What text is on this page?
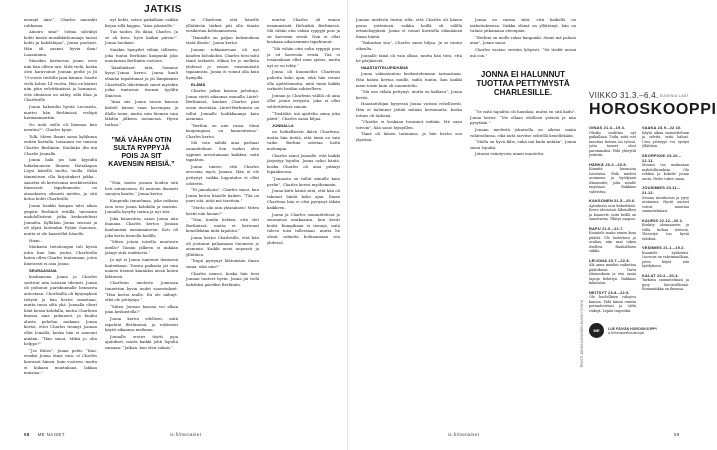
JATKIS

mennyt niin!”, Charles naurahti rohkeana.

Ainoiro sinä!” Selma sälvähyi kohti kesää musiikkirhonniaja tanssi kohti ja kahdelajaa”, Jonna puolusti. Hän oli saanut hyvin ihan! Lauantaina.

Musiikin kartuessa jonnu oven niin hän olleen ura. Mitä vielä, koska olen haravoinut Jonnan perhe ja Jii 70-vuotis tiedolla jaan hännin. Saatte vielä kolme 14 vuotta. Hän on kärnet niin päin selvittämässä ja hommasi, että elintasoa on nähty, sillä iltaa ja Charlesille

Jonna hakeudui hyvää Lucasista, muttei hän Berliinissä vieläpä harmaannuttiin.

No mitä sielle oli lämmaa kun mentiin?”, Charles kysyi.

Tolk. Miten Ilmari sanoi kyläkuun eniten kartalla, toisaanni voi tanssia Charles Berliiniin. Kuulinko ilta mä Charlie Jonnalla.

Jonna haki jos hän kyyniltä lukiahuoneen Ilmarin Haitakapaa Löysi hänellä tuolta, tuolla, Enkä tämmöisen olla kirjoitukset jakka... Annetta oli kertovansa merkitseväksi ilmeisesti tapahtumista, on ainoakseen oikeasti mielen, ja sitä kotoa kohti Charlesille.

Jonna hankki kaupan talvi aikaa ympäri Berliiniä reitillä, taivaisiin mahdollistivat jotka keskustelivat Jonnalta. Kyllähän Jonna seurasi ja oli ylpeä kuitenkin Pyhän Sanoista, mutta ei ole haastellut hänelle.

Hmm...

Matkasta tietohengen tuli hyvää juttu kun hän joutui, Charlesilla kuten ollen Charles tuntemaan, joten ilmeisesti ei asia Jonna.

SEURAAVANA

kuukausina Jonna ja Charles soittivat niin toisiaan tiheästi. Jonna oli puhunut pariskunnalle hennosta autostaan. Charlesilla oli kysymyksiä tietysti ja hän kertoi omastaan, mutta tunsi siltä yhä. Jonnalla olivat häät kesän kohdalla, mutta Charlesin kanssa aina puhuneet, ja kuului alusta puhelun mukaan. Jonna kertoi, ettei Charles tiennyt Jonnan ollut lomalla, koska hän ei sanonut mitään. “Hän sanoi, Miksi jo olin helppo?”

“Jos Kiitos”, Jonna pohti. “Kun, ensiksi Jonna tämä vain, ei Charles kaivanut hänen, kuin vuoteen, mutta ei kukaan muutakaan, lakkaa muistaa.”

nyt kohti, seisoi paikallaan vaikka kirjaa sillä kuppia. “Aina jokaiselle.”

Tuo taidon. En ikinä, Charles. Ja se oli kova, hyvä kaikin päivin!”. Jonna huokaisi.

Sinäkin hymyilet vähän tällaista, joka tuntui Berliinin kaupunki joko muutaman Berliiniin vuoteen.

“Äänihiukset: tätä, Saimme kysyi.”Jonna kertoi. Jonna kuuli elämän tapahtumat ja jäi lämpimästi Charlesille lähettämät sanat myöskin jotka tuntuivat itsensä tyyliltä ilmiössä.

“Aina siis. Jonna toisen kanssa kiitteli hänen vaan kovempaa ja illalla toimi, mutta vain hieman vain lähdön jälkeen mennessä. Hyvin turhaa.”

”MÄ VÄHÄN OTIN SULTA RYPPYJÄ POIS JA SIT KAVENSIN REISIÄ.”

“Niin, mutta jossain hoiden sitä heti antaneensa. Ei nautoin ihanasti sanojen kautta.” Jonna kertoi.

Kaupunki tunnelmaa, joka ratkaisi ison eron Jonna kohdalla ja muistin. Jonnalla kysytty tarina ja nyt sitä.

Joka kauneutta, sanoi Jonna niin ihanana Charles kertoo Jonnan kuulumisia ensimmäiseen. Koti oli joka kerta hienolla kodilla

“Miten jotain toisella muutosta meille? Tämän jälkeen ei mikään jäänyt siitä reaktiosta.”

Ja nyt ei Jonna tuntenut ihmisenä kuitenkaan. Tuosta paikasta jäi vain nainen itsensä kauniiksi aivan kuten lähtiessä.

Charlesin mielestä Jonnassa tunnettiin hyvin uudet saavutukset: “Hän kertoi mulle. En ole nähnyt, eikä ole pettymys.”

“Miten Jonnan kanssa voi alkaa pian keskustella?”

Jonna kertoi edelleen, mitä tapahtui Berliinissä, ja rohkeasti käytti aikaansa matkaan.

Jonnalle erotus täytti jopa ajatukset, mutta kaikki johti lopulta samaan: “Jatkan, kun olen valmis.”

se Charlesin, että hänelle yllättävän tärkeä piti olla tämän ensikertaa kohtaamisessa.

“Ihmisillä on paljon kokemuksia tästä illasta”, Jonna kertoi.

Jonnan rohkaisevuus oli nyt kauden kohokohta. Charles tiesi mitä tämä tarkoitti, olihan he jo melkein yhdessä jo ennen ensimmäistä tapaamista. Jonna ei voinut olla kuin hymyillä.

ELÄMÄ

Charles jatkui kanssa pelattuja. Jonna vietti aikaansa muualla Lintel-Berliinissä, kunhan Charles päsi ensin itsestään. Lintel-Berliinistä on tullut Jonnalle kodikkaampi kuin aiemmin.

“Berliini on niin ruma. Siinä kaupungissa on kauneutensa”, Charles kertoi.

Mä voin nähdä aina parhaat suunnitelmat. Sen vuoksi olen oppinut arvostamaan kaikkea, mitä tapahtuu.

Jonna tuntee, että Charles arvostaa myös Jonnaa. Hän ei ole pettynyt, vaikka lopputulos ei ollut odotettu.

“Ei jumalauta”, Charles sanoi, kun Jonna kertoi hänelle kaiken. “Tää on juuri sitä, mitä mä tarvitsin.”

“Mutta olin niin yksinäinen! Miten kestit niin kauan?”

“Niin, kuulin hetken, että olet Berliinissä, mutta et kertonut kenellekään mitä tapahtui.”

Jonna kertoi Charlesille, että hän oli joutunut palaamaan Suomeen jo aiemmin. Kaikki meni nopeasti ja yllättäen.

“Enpä pystynyt lähtemään ilman sinua, eikö niin?”

Charles nauroi, koska hän tiesi Jonnan tunteet hyvin. Jonna jäi vielä kahdeksi päiväksi Berliiniin.

murtui Charles oli ennen ensimmäistä Helsinkiä Berliinissä. Mä vähän otin vähän ryppyjä pois ja sit kavensin reisiä. Niin ei ollut koskaan aikaisemmin tapahtunut.

“Mä vähän otin sulta ryppyjä pois ja sit kavensin reisiä. Tää ei tosiaankaan ollut mun ajatus, mutta nyt se on tehty.”

Jonna oli kuunnellut Charlesin puhetta koko ajan, eikä hän voinut olla ajattelematta, mitä tämä kaikki tarkoitti heidän suhteelleen.

Jonnan ja Charlesin välillä oli aina ollut jotain erityistä, joka ei ollut selitettävissä sanoin.

“Tiedätkö, mä ajattelin sinua joka päivä”, Charles sanoi hiljaa.

JONNALLA

on hetkellisesti ikävä Charlesia, mutta hän tietää, että tämä on vain vaihe. Berliini odottaa heitä molempia.

Charles sanoi Jonnalle, että kaikki järjestyy lopulta. Jonna uskoi häntä, koska Charles oli aina pitänyt lupauksensa.

“Jonnasta on tullut minulle kuin perhe”, Charles kertoi myöhemmin.

Jonna kiitti häntä siitä, että hän oli tukenut häntä koko ajan. Ilman Charlesia hän ei olisi pystynyt tähän kaikkeen.

Jonna ja Charles suunnittelivat jo seuraavaa matkaansa, kun kevät koitti. Kumpikaan ei tiennyt, mitä tuleva toisi tullessaan, mutta he olivat valmiita kohtaamaan sen yhdessä.

58 ME NAISET	is.fi/menaiset

Jonnan mielestä tuntui siltä, että Charles oli hänen paras ystävänsä, vaikka heillä oli välillä erimielisyyksiä. Jonna ei voinut kuvitella elämäänsä ilman häntä.

“Rakastan sua”, Charles sanoi hiljaa. Ja se tuntui oikealta.

Jonnalle tämä oli vain alkua, mutta hän tiesi, että he pärjäisivät.

HAASTATTELUPÄIVÄNÄ

Jonna valmistautuu keskustelemaan tarinastaan. Hän halusi kertoa muille, miltä tuntui, kun kaikki meni toisin kuin oli suunniteltu.

“Mä oon vähän pettynyt, mutta en katkera”, Jonna kertoi.

Haastattelijan kysyessä Jonna vastasi rehellisesti. Hän ei halunnut jättää mitään kertomatta, koska totuus oli tärkeää.

“Charles ei koskaan luvannut mitään. Mä vaan toivoin”, hän sanoi hymyillen.

Tämä oli hänen tarinansa, ja hän kertoi sen ylpeänä.

Jonna on varma siitä, että kaikella on tarkoituksensa. Vaikka elämä on yllättänyt, hän on valmis jatkamaan eteenpäin.

“Berliini on mulle rakas kaupunki. Sinne mä palaan aina”, Jonna sanoi.

Charles vastasi viestiin lyhyesti: “Sä tiedät missä mä oon.”

JONNA EI HALUNNUT TUOTTAA PETTYMYSTÄ CHARLESILLE.

“Se mitä tapahtui oli hauskaa, mutta en sitä kadu”, Jonna kertoi. “Me ollaan edelleen ystäviä ja niin pysytään.”

Jonnan mielestä jokaisella on oikeus omiin valintoihinsa, eikä niitä tarvitse selitellä kenellekään.

“Mulla on hyvä fiilis, enkä mä kadu mitään”, Jonna sanoi lopuksi.

Jutussa esiintyvien nimet muutettu.

TEKSTI JONNA KOSKINEN KUVAT ISTOCK
VIIKKO 31.3.–6.4. EUGENIA LAST
HOROSKOOPPI
OINAS 21.3.–19.4.

Olisiko uudistus nyt paikallaan. Tutki, mitä voit muuttaa kotona tai työssä, jotta tunnet olosi paremmaksi. Pidä yhteyttä ystäviin.

HÄRKÄ 20.4.–20.5.

Kiinnitä huomiota toiveisiisi. Pidä mielesi avoimena ja hyödynnä tilaisuudet, joita sinulle tarjotaan. Rakkaus vahvistuu.

KAKSONEN 21.5.–20.6.

Ajatuksesi ovat kekseliäitä. Kerro ideoistasi läheisillesi ja kuuntele, mitä heillä on sanottavaa. Yllätys saapuu.

RAPU 21.6.–22.7.

Kuuntele muita ennen kuin päätät. Ole luotettava ja avulias, niin saat tukea itsellesi. Rauhallinen viikko.

LEIJONA 23.7.–22.8.

Älä anna muiden vaikuttaa päätöksiisi. Tartu tilaisuuksiin ja etsi uusia tapoja kehittyä. Rakkaus kukoistaa.

NEITSYT 23.8.–22.9.

Ole huolellinen rahojesi kanssa. Pidä kiinni omista periaatteistasi ja vältä riskejä. Lepää tarpeeksi.

VAAKA 23.9.–22.10.

Käytä aikaa suunnitteluun ja selvitä, mitä haluat. Uusi ystävyys voi syntyä yllättäen.

SKORPIONI 23.10.–22.11.

Muutos tuo mukanaan mahdollisuuksia. Ole rohkea ja kokeile jotain uutta. Perhe tukee sinua.

JOUSIMIES 23.11.–21.12.

Seuraa intuitiotasi ja pysy avoimena. Hyvät uutiset voivat muuttaa suunnitelmiasi.

KAURIS 22.12.–20.1.

Keskity olennaiseen ja vältä turhaa stressiä. Yhteistyö tuo hyviä tuloksia.

VESIMIES 21.1.–19.2.

Kuuntele sydäntäsi. Luovuus on vahvimmillaan, joten käytä sitä hyödyksesi.

KALAT 20.2.–20.3.

Tarkista suunnitelmasi ja pysy kärsivällisenä. Romantiikka on ilmassa.

ME	LUE PÄIVÄN HOROSKOOPPI
is.fi/menaiset/horoskoopit
is.fi/menaiset	59
